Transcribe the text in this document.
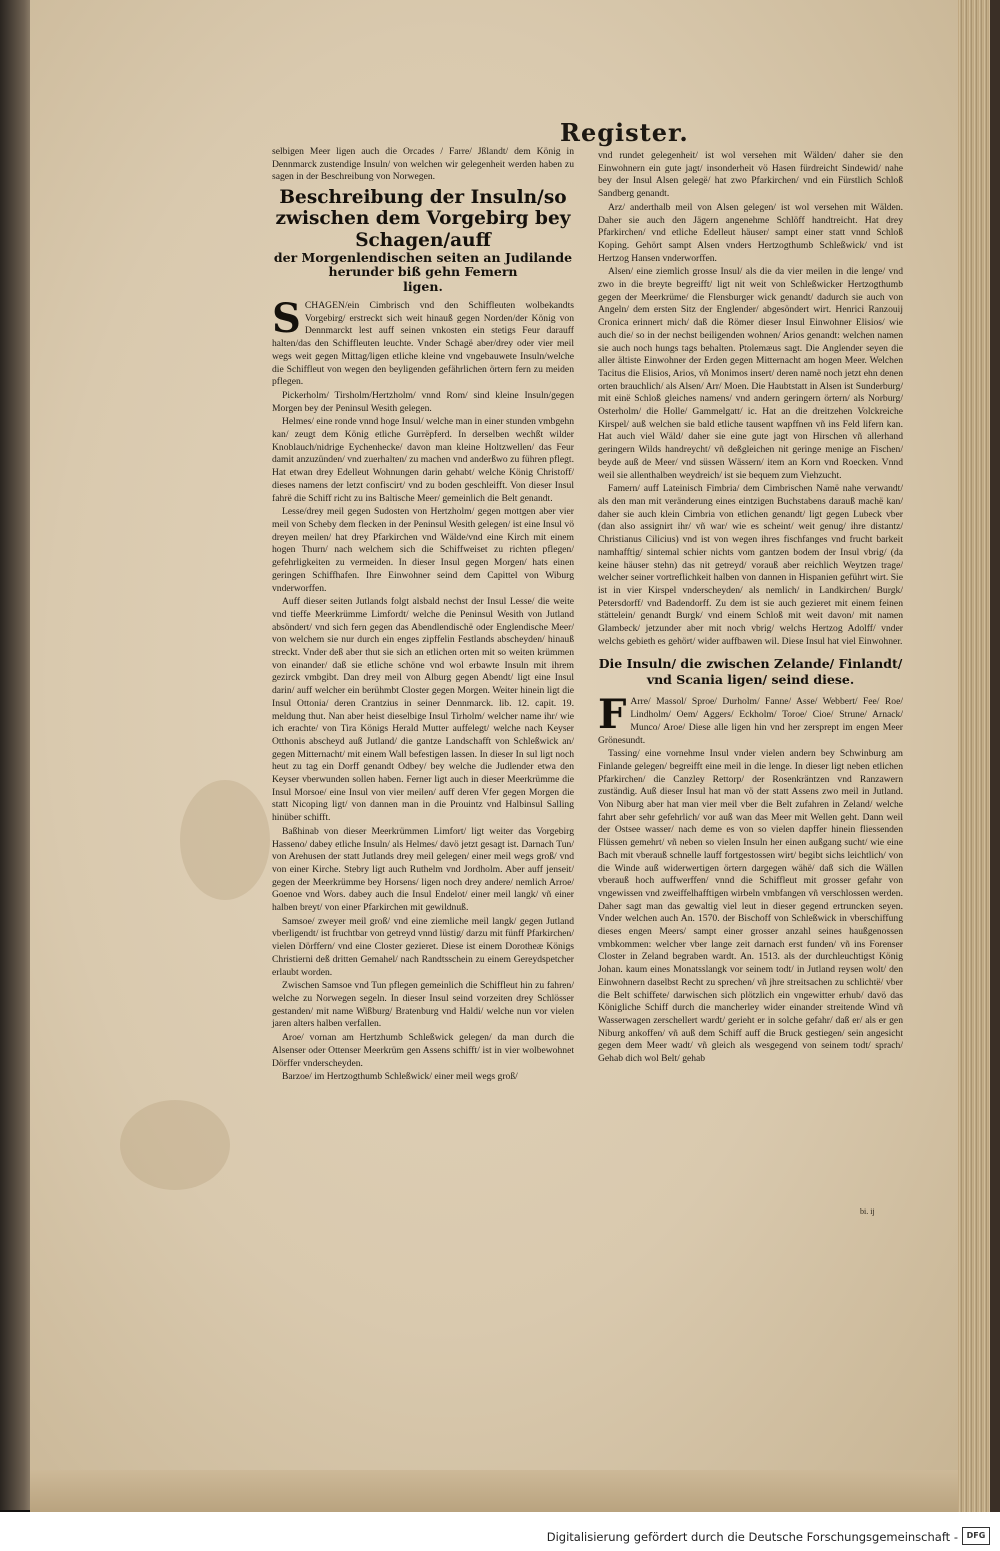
Register.

selbigen Meer ligen auch die Orcades / Farre/ Jßlandt/ dem König in Dennmarck zustendige Insuln/ von welchen wir gelegenheit werden haben zu sagen in der Beschreibung von Norwegen.

Beschreibung der Insuln/so zwischen dem Vorgebirg bey Schagen/auff
der Morgenlendischen seiten an Judilande herunder biß gehn Femern
ligen.

SCHAGEN/ein Cimbrisch vnd den Schiffleuten wolbekandts Vorgebirg/ erstreckt sich weit hinauß gegen Norden/der König von Dennmarckt lest auff seinen vnkosten ein stetigs Feur darauff halten/das den Schiffleuten leuchte. Vnder Schagë aber/drey oder vier meil wegs weit gegen Mittag/ligen etliche kleine vnd vngebauwete Insuln/welche die Schiffleut von wegen den beyligenden gefährlichen örtern fern zu meiden pflegen.

Pickerholm/ Tirsholm/Hertzholm/ vnnd Rom/ sind kleine Insuln/gegen Morgen bey der Peninsul Wesith gelegen.

Helmes/ eine ronde vnnd hoge Insul/ welche man in einer stunden vmbgehn kan/ zeugt dem König etliche Gurrëpferd. In derselben wechßt wilder Knoblauch/nidrige Eychenhecke/ davon man kleine Holtzwellen/ das Feur damit anzuzünden/ vnd zuerhalten/ zu machen vnd anderßwo zu führen pflegt. Hat etwan drey Edelleut Wohnungen darin gehabt/ welche König Christoff/ dieses namens der letzt confiscirt/ vnd zu boden geschleifft. Von dieser Insul fahrë die Schiff richt zu ins Baltische Meer/ gemeinlich die Belt genandt.

Lesse/drey meil gegen Sudosten von Hertzholm/ gegen mottgen aber vier meil von Scheby dem flecken in der Peninsul Wesith gelegen/ ist eine Insul vö dreyen meilen/ hat drey Pfarkirchen vnd Wälde/vnd eine Kirch mit einem hogen Thurn/ nach welchem sich die Schiffweiset zu richten pflegen/ gefehrligkeiten zu vermeiden. In dieser Insul gegen Morgen/ hats einen geringen Schiffhafen. Ihre Einwohner seind dem Capittel von Wiburg vnderworffen.

Auff dieser seiten Jutlands folgt alsbald nechst der Insul Lesse/ die weite vnd tieffe Meerkrümme Limfordt/ welche die Peninsul Wesith von Jutland absöndert/ vnd sich fern gegen das Abendlendischë oder Englendische Meer/ von welchem sie nur durch ein enges zipffelin Festlands abscheyden/ hinauß streckt. Vnder deß aber thut sie sich an etlichen orten mit so weiten krümmen von einander/ daß sie etliche schöne vnd wol erbawte Insuln mit ihrem gezirck vmbgibt. Dan drey meil von Alburg gegen Abendt/ ligt eine Insul darin/ auff welcher ein berühmbt Closter gegen Morgen. Weiter hinein ligt die Insul Ottonia/ deren Crantzius in seiner Dennmarck. lib. 12. capit. 19. meldung thut. Nan aber heist dieselbige Insul Tirholm/ welcher name ihr/ wie ich erachte/ von Tira Königs Herald Mutter auffelegt/ welche nach Keyser Otthonis abscheyd auß Jutland/ die gantze Landschafft von Schleßwick an/ gegen Mitternacht/ mit einem Wall befestigen lassen. In dieser In sul ligt noch heut zu tag ein Dorff genandt Odbey/ bey welche die Judlender etwa den Keyser vberwunden sollen haben. Ferner ligt auch in dieser Meerkrümme die Insul Morsoe/ eine Insul von vier meilen/ auff deren Vfer gegen Morgen die statt Nicoping ligt/ von dannen man in die Prouintz vnd Halbinsul Salling hinüber schifft.

Baßhinab von dieser Meerkrümmen Limfort/ ligt weiter das Vorgebirg Hasseno/ dabey etliche Insuln/ als Helmes/ davö jetzt gesagt ist. Darnach Tun/ von Arehusen der statt Jutlands drey meil gelegen/ einer meil wegs groß/ vnd von einer Kirche. Stebry ligt auch Ruthelm vnd Jordholm. Aber auff jenseit/ gegen der Meerkrümme bey Horsens/ ligen noch drey andere/ nemlich Arroe/ Goenoe vnd Wors. dabey auch die Insul Endelot/ einer meil langk/ vñ einer halben breyt/ von einer Pfarkirchen mit gewildnuß.

Samsoe/ zweyer meil groß/ vnd eine ziemliche meil langk/ gegen Jutland vberligendt/ ist fruchtbar von getreyd vnnd lüstig/ darzu mit fünff Pfarkirchen/ vielen Dörffern/ vnd eine Closter gezieret. Diese ist einem Dorotheæ Königs Christierni deß dritten Gemahel/ nach Randtsschein zu einem Gereydspetcher erlaubt worden.

Zwischen Samsoe vnd Tun pflegen gemeinlich die Schiffleut hin zu fahren/ welche zu Norwegen segeln. In dieser Insul seind vorzeiten drey Schlösser gestanden/ mit name Wißburg/ Bratenburg vnd Haldi/ welche nun vor vielen jaren alters halben verfallen.

Aroe/ vornan am Hertzhumb Schleßwick gelegen/ da man durch die Alsenser oder Ottenser Meerkrüm gen Assens schifft/ ist in vier wolbewohnet Dörffer vnderscheyden.

Barzoe/ im Hertzogthumb Schleßwick/ einer meil wegs groß/

vnd rundet gelegenheit/ ist wol versehen mit Wälden/ daher sie den Einwohnern ein gute jagt/ insonderheit vö Hasen fürdreicht Sindewid/ nahe bey der Insul Alsen gelegë/ hat zwo Pfarkirchen/ vnd ein Fürstlich Schloß Sandberg genandt.

Arz/ anderthalb meil von Alsen gelegen/ ist wol versehen mit Wälden. Daher sie auch den Jägern angenehme Schlöff handtreicht. Hat drey Pfarkirchen/ vnd etliche Edelleut häuser/ sampt einer statt vnnd Schloß Koping. Gehört sampt Alsen vnders Hertzogthumb Schleßwick/ vnd ist Hertzog Hansen vnderworffen.

Alsen/ eine ziemlich grosse Insul/ als die da vier meilen in die lenge/ vnd zwo in die breyte begreifft/ ligt nit weit von Schleßwicker Hertzogthumb gegen der Meerkrüme/ die Flensburger wick genandt/ dadurch sie auch von Angeln/ dem ersten Sitz der Englender/ abgesöndert wirt. Henrici Ranzouij Cronica erinnert mich/ daß die Römer dieser Insul Einwohner Elisios/ wie auch die/ so in der nechst beiligenden wohnen/ Arios genandt: welchen namen sie auch noch hungs tags behalten. Ptolemæus sagt. Die Anglender seyen die aller ältiste Einwohner der Erden gegen Mitternacht am hogen Meer. Welchen Tacitus die Elisios, Arios, vñ Monimos insert/ deren namë noch jetzt ehn denen orten brauchlich/ als Alsen/ Arr/ Moen. Die Haubtstatt in Alsen ist Sunderburg/ mit einë Schloß gleiches namens/ vnd andern geringern örtern/ als Norburg/ Osterholm/ die Holle/ Gammelgatt/ ic. Hat an die dreitzehen Volckreiche Kirspel/ auß welchen sie bald etliche tausent wapffnen vñ ins Feld lifern kan. Hat auch viel Wäld/ daher sie eine gute jagt von Hirschen vñ allerhand geringern Wilds handreycht/ vñ deßgleichen nit geringe menige an Fischen/ beyde auß de Meer/ vnd süssen Wässern/ item an Korn vnd Roecken. Vnnd weil sie allenthalben weydreich/ ist sie bequem zum Viehzucht.

Famern/ auff Lateinisch Fimbria/ dem Cimbrischen Namë nahe verwandt/ als den man mit veränderung eines eintzigen Buchstabens darauß machë kan/ daher sie auch klein Cimbria von etlichen genandt/ ligt gegen Lubeck vber (dan also assignirt ihr/ vñ war/ wie es scheint/ weit genug/ ihre distantz/ Christianus Cilicius) vnd ist von wegen ihres fischfanges vnd frucht barkeit namhafftig/ sintemal schier nichts vom gantzen bodem der Insul vbrig/ (da keine häuser stehn) das nit getreyd/ vorauß aber reichlich Weytzen trage/ welcher seiner vortreflichkeit halben von dannen in Hispanien geführt wirt. Sie ist in vier Kirspel vnderscheyden/ als nemlich/ in Landkirchen/ Burgk/ Petersdorff/ vnd Badendorff. Zu dem ist sie auch gezieret mit einem feinen stättelein/ genandt Burgk/ vnd einem Schloß mit weit davon/ mit namen Glambeck/ jetzunder aber mit noch vbrig/ welchs Hertzog Adolff/ vnder welchs gebieth es gehört/ wider auffbawen wil. Diese Insul hat viel Einwohner.

Die Insuln/ die zwischen Zelande/ Finlandt/ vnd Scania ligen/ seind diese.

F Arre/ Massol/ Sproe/ Durholm/ Fanne/ Asse/ Webbert/ Fee/ Roe/ Lindholm/ Oem/ Aggers/ Eckholm/ Toroe/ Cioe/ Strune/ Arnack/ Munco/ Aroe/ Diese alle ligen hin vnd her zersprept im engen Meer Grönesundt.

Tassing/ eine vornehme Insul vnder vielen andern bey Schwinburg am Finlande gelegen/ begreifft eine meil in die lenge. In dieser ligt neben etlichen Pfarkirchen/ die Canzley Rettorp/ der Rosenkräntzen vnd Ranzawern zuständig. Auß dieser Insul hat man vö der statt Assens zwo meil in Jutland. Von Niburg aber hat man vier meil vber die Belt zufahren in Zeland/ welche fahrt aber sehr gefehrlich/ vor auß wan das Meer mit Wellen geht. Dann weil der Ostsee wasser/ nach deme es von so vielen dapffer hinein fliessenden Flüssen gemehrt/ vñ neben so vielen Insuln her einen außgang sucht/ wie eine Bach mit vberauß schnelle lauff fortgestossen wirt/ begibt sichs leichtlich/ von die Winde auß widerwertigen örtern dargegen wähë/ daß sich die Wällen vberauß hoch auffwerffen/ vnnd die Schiffleut mit grosser gefahr von vngewissen vnd zweiffelhafftigen wirbeln vmbfangen vñ verschlossen werden. Daher sagt man das gewaltig viel leut in dieser gegend ertruncken seyen. Vnder welchen auch An. 1570. der Bischoff von Schleßwick in vberschiffung dieses engen Meers/ sampt einer grosser anzahl seines haußgenossen vmbkommen: welcher vber lange zeit darnach erst funden/ vñ ins Forenser Closter in Zeland begraben wardt. An. 1513. als der durchleuchtigst König Johan. kaum eines Monatsslangk vor seinem todt/ in Jutland reysen wolt/ den Einwohnern daselbst Recht zu sprechen/ vñ jhre streitsachen zu schlichtë/ vber die Belt schiffete/ darwischen sich plötzlich ein vngewitter erhub/ davö das Königliche Schiff durch die mancherley wider einander streitende Wind vñ Wasserwagen zerschellert wardt/ gerieht er in solche gefahr/ daß er/ als er gen Niburg ankoffen/ vñ auß dem Schiff auff die Bruck gestiegen/ sein angesicht gegen dem Meer wadt/ vñ gleich als wesgegend von seinem todt/ sprach/ Gehab dich wol Belt/ gehab

bi. ij
Digitalisierung gefördert durch die Deutsche Forschungsgemeinschaft -	DFG
